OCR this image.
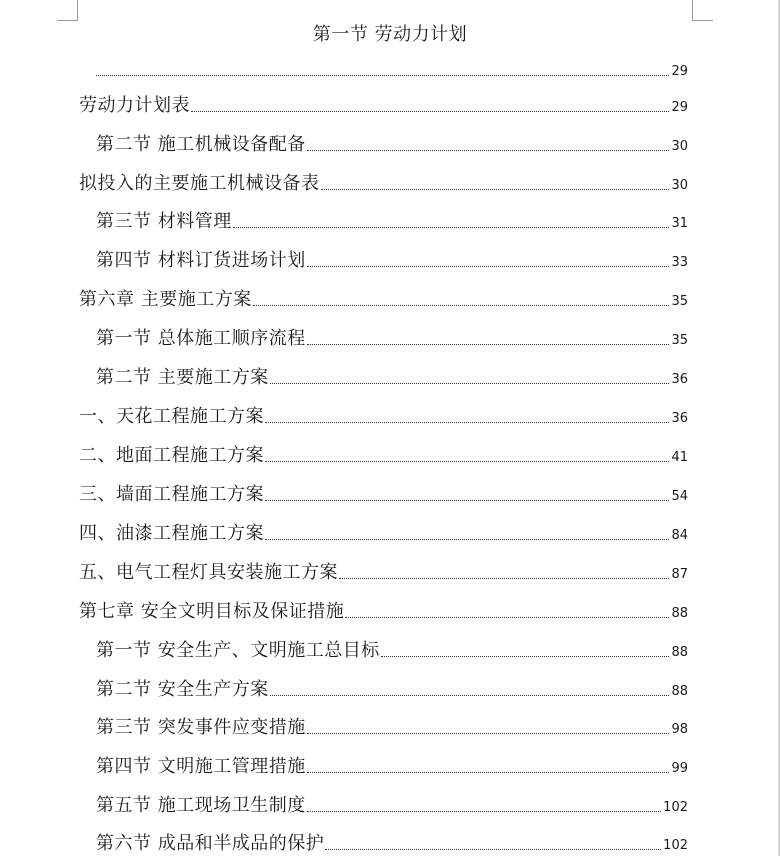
第一节 劳动力计划
29
劳动力计划表	29
第二节 施工机械设备配备	30
拟投入的主要施工机械设备表	30
第三节 材料管理	31
第四节 材料订货进场计划	33
第六章 主要施工方案	35
第一节 总体施工顺序流程	35
第二节 主要施工方案	36
一、天花工程施工方案	36
二、地面工程施工方案	41
三、墙面工程施工方案	54
四、油漆工程施工方案	84
五、电气工程灯具安装施工方案	87
第七章 安全文明目标及保证措施	88
第一节 安全生产、文明施工总目标	88
第二节 安全生产方案	88
第三节 突发事件应变措施	98
第四节 文明施工管理措施	99
第五节 施工现场卫生制度	102
第六节 成品和半成品的保护	102
